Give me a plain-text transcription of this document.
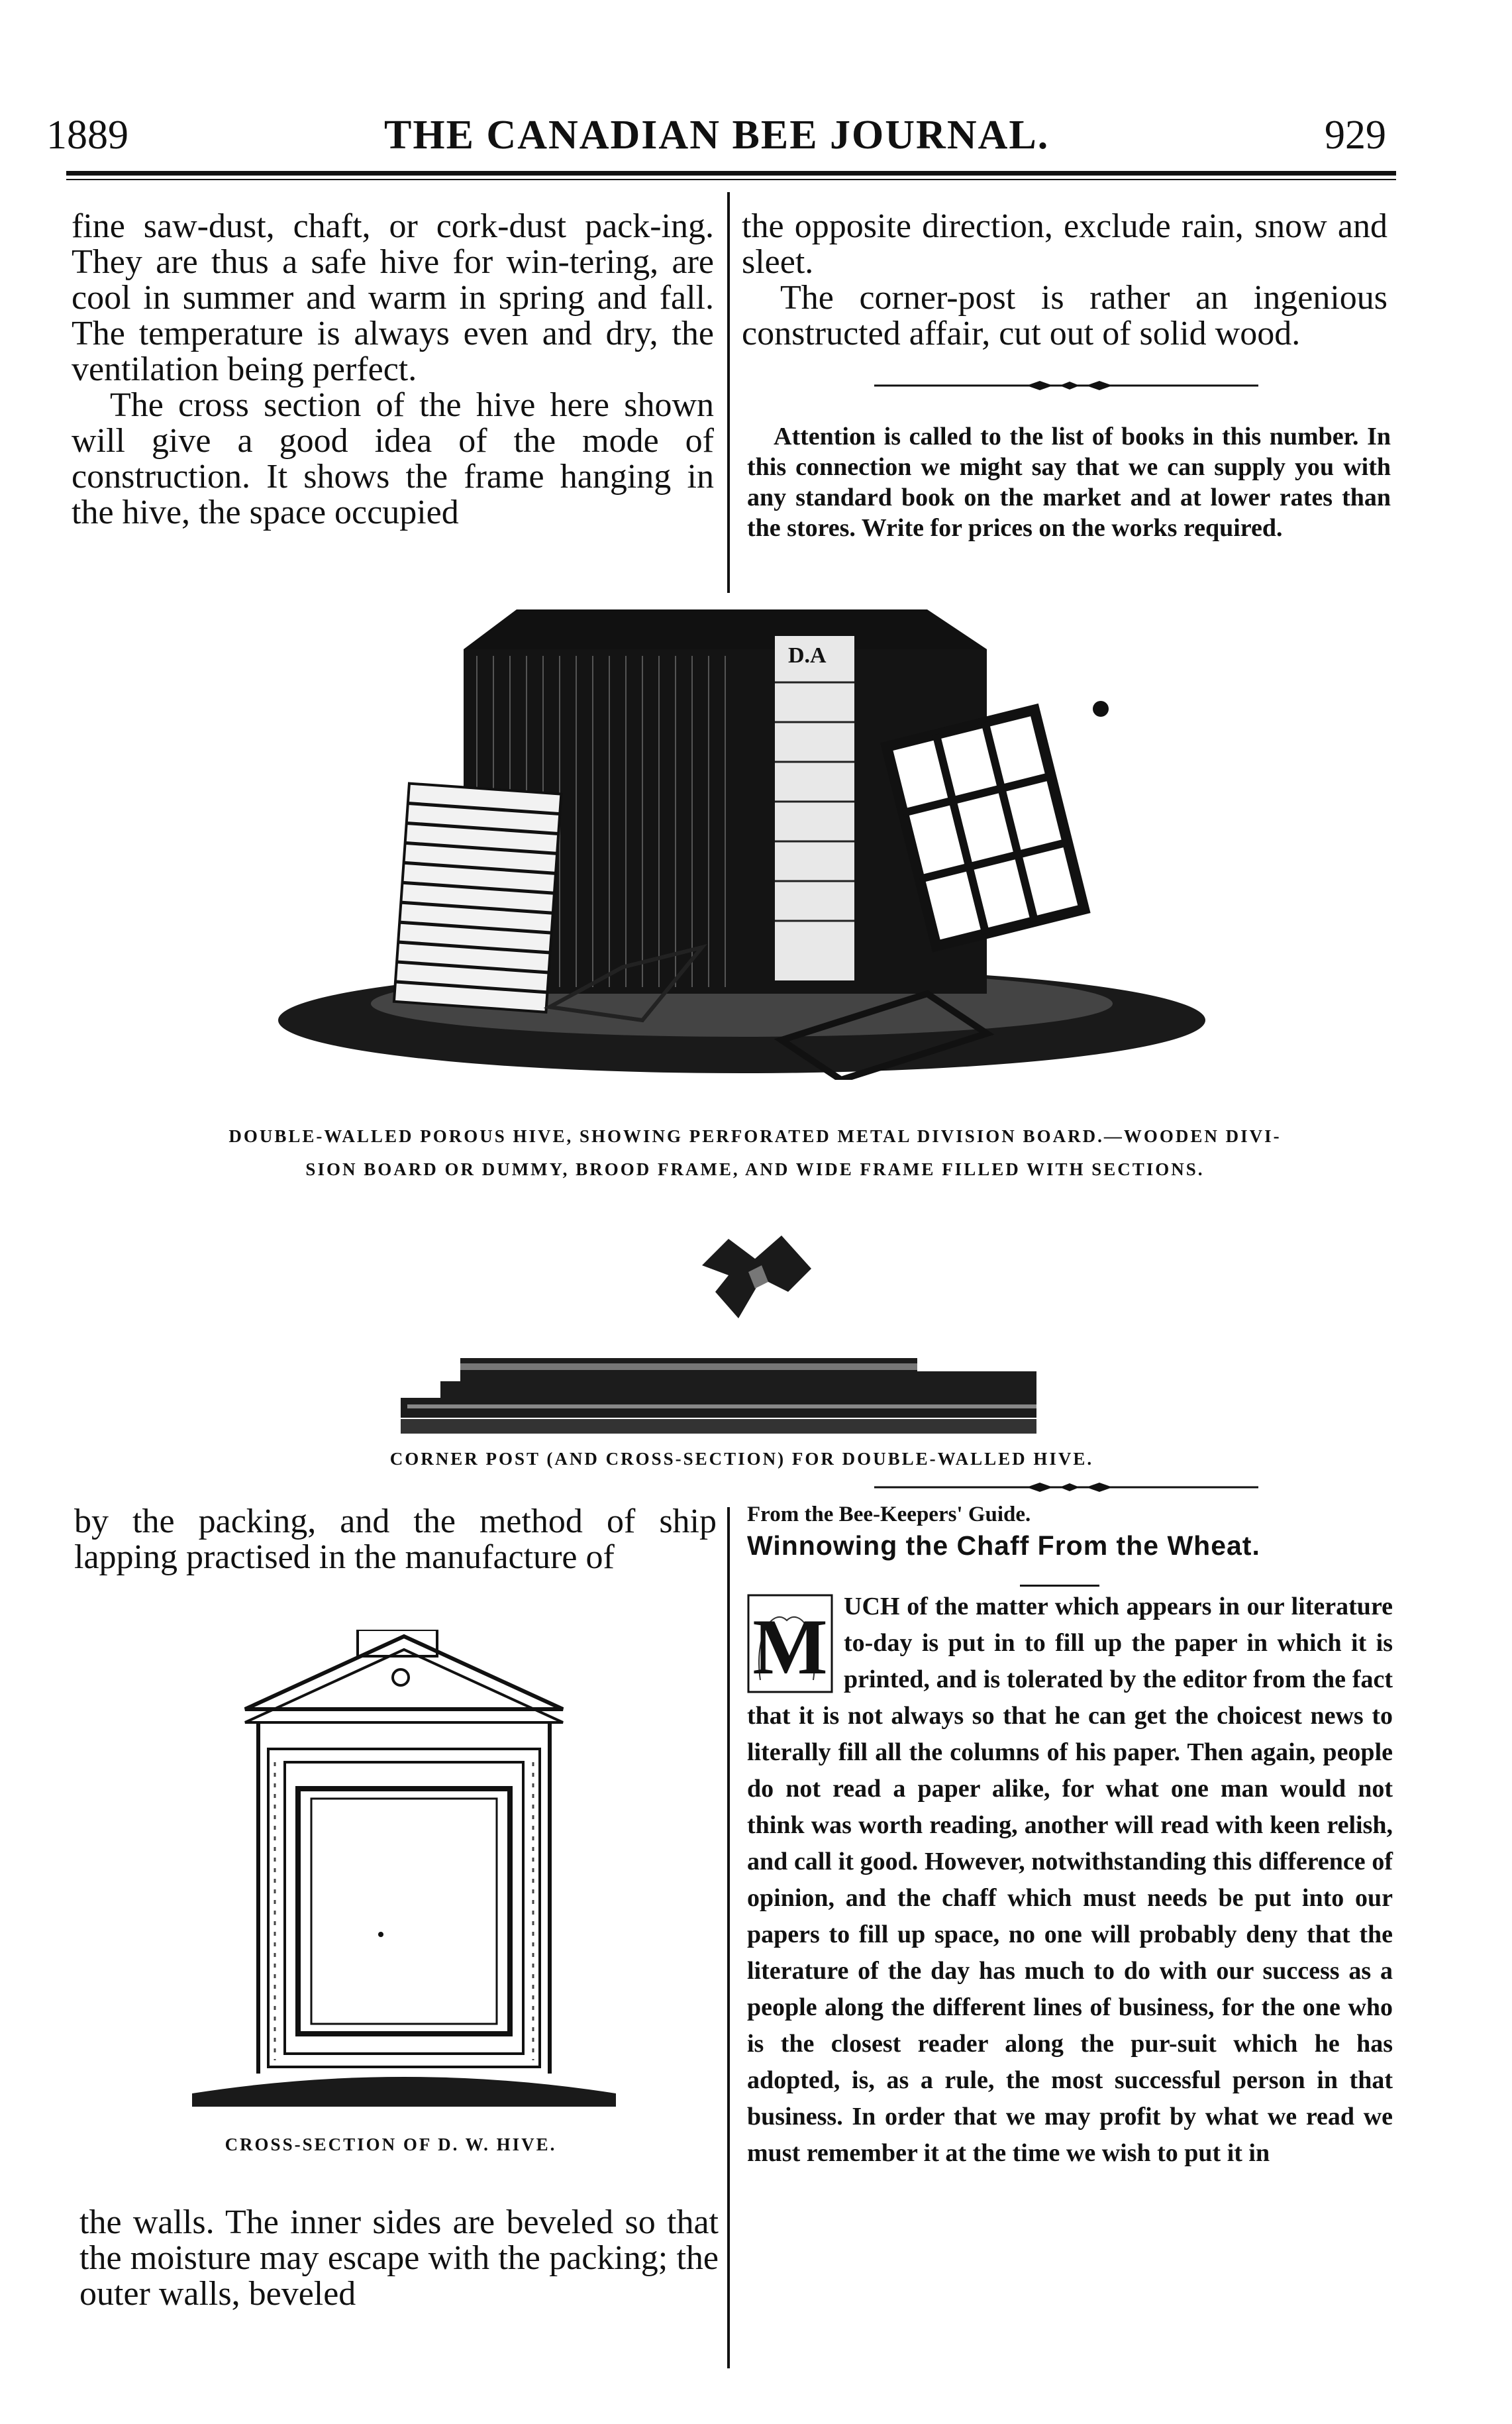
1889	THE CANADIAN BEE JOURNAL.	929

fine saw-dust, chaft, or cork-dust pack-ing. They are thus a safe hive for win-tering, are cool in summer and warm in spring and fall. The temperature is always even and dry, the ventilation being perfect.

The cross section of the hive here shown will give a good idea of the mode of construction. It shows the frame hanging in the hive, the space occupied

the opposite direction, exclude rain, snow and sleet.

The corner-post is rather an ingenious constructed affair, cut out of solid wood.

Attention is called to the list of books in this number. In this connection we might say that we can supply you with any standard book on the market and at lower rates than the stores. Write for prices on the works required.
D.A
DOUBLE-WALLED POROUS HIVE, SHOWING PERFORATED METAL DIVISION BOARD.—WOODEN DIVI-
SION BOARD OR DUMMY, BROOD FRAME, AND WIDE FRAME FILLED WITH SECTIONS.
CORNER POST (AND CROSS-SECTION) FOR DOUBLE-WALLED HIVE.
by the packing, and the method of ship lapping practised in the manufacture of
CROSS-SECTION OF D. W. HIVE.
the walls. The inner sides are beveled so that the moisture may escape with the packing; the outer walls, beveled
From the Bee-Keepers' Guide.
Winnowing the Chaff From the Wheat.
M UCH of the matter which appears in our literature to-day is put in to fill up the paper in which it is printed, and is tolerated by the editor from the fact that it is not always so that he can get the choicest news to literally fill all the columns of his paper. Then again, people do not read a paper alike, for what one man would not think was worth reading, another will read with keen relish, and call it good. However, notwithstanding this difference of opinion, and the chaff which must needs be put into our papers to fill up space, no one will probably deny that the literature of the day has much to do with our success as a people along the different lines of business, for the one who is the closest reader along the pur-suit which he has adopted, is, as a rule, the most successful person in that business. In order that we may profit by what we read we must remember it at the time we wish to put it in
